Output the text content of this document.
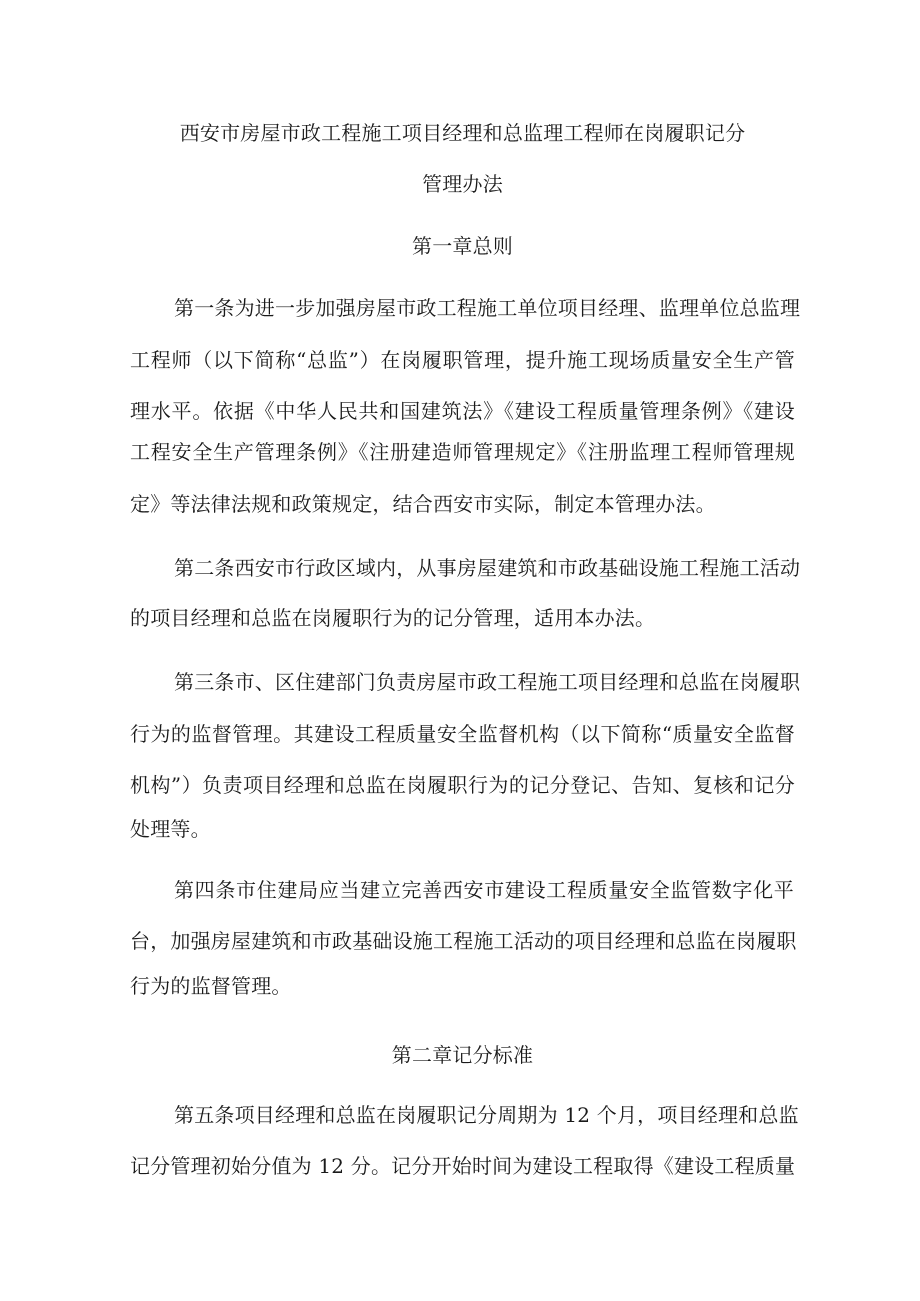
西安市房屋市政工程施工项目经理和总监理工程师在岗履职记分
管理办法
第一章总则
第一条为进一步加强房屋市政工程施工单位项目经理、监理单位总监理
工程师（以下简称“总监”）在岗履职管理，提升施工现场质量安全生产管
理水平。依据《中华人民共和国建筑法》《建设工程质量管理条例》《建设
工程安全生产管理条例》《注册建造师管理规定》《注册监理工程师管理规
定》等法律法规和政策规定，结合西安市实际，制定本管理办法。
第二条西安市行政区域内，从事房屋建筑和市政基础设施工程施工活动
的项目经理和总监在岗履职行为的记分管理，适用本办法。
第三条市、区住建部门负责房屋市政工程施工项目经理和总监在岗履职
行为的监督管理。其建设工程质量安全监督机构（以下简称“质量安全监督
机构”）负责项目经理和总监在岗履职行为的记分登记、告知、复核和记分
处理等。
第四条市住建局应当建立完善西安市建设工程质量安全监管数字化平
台，加强房屋建筑和市政基础设施工程施工活动的项目经理和总监在岗履职
行为的监督管理。
第二章记分标准
第五条项目经理和总监在岗履职记分周期为 12 个月，项目经理和总监
记分管理初始分值为 12 分。记分开始时间为建设工程取得《建设工程质量
